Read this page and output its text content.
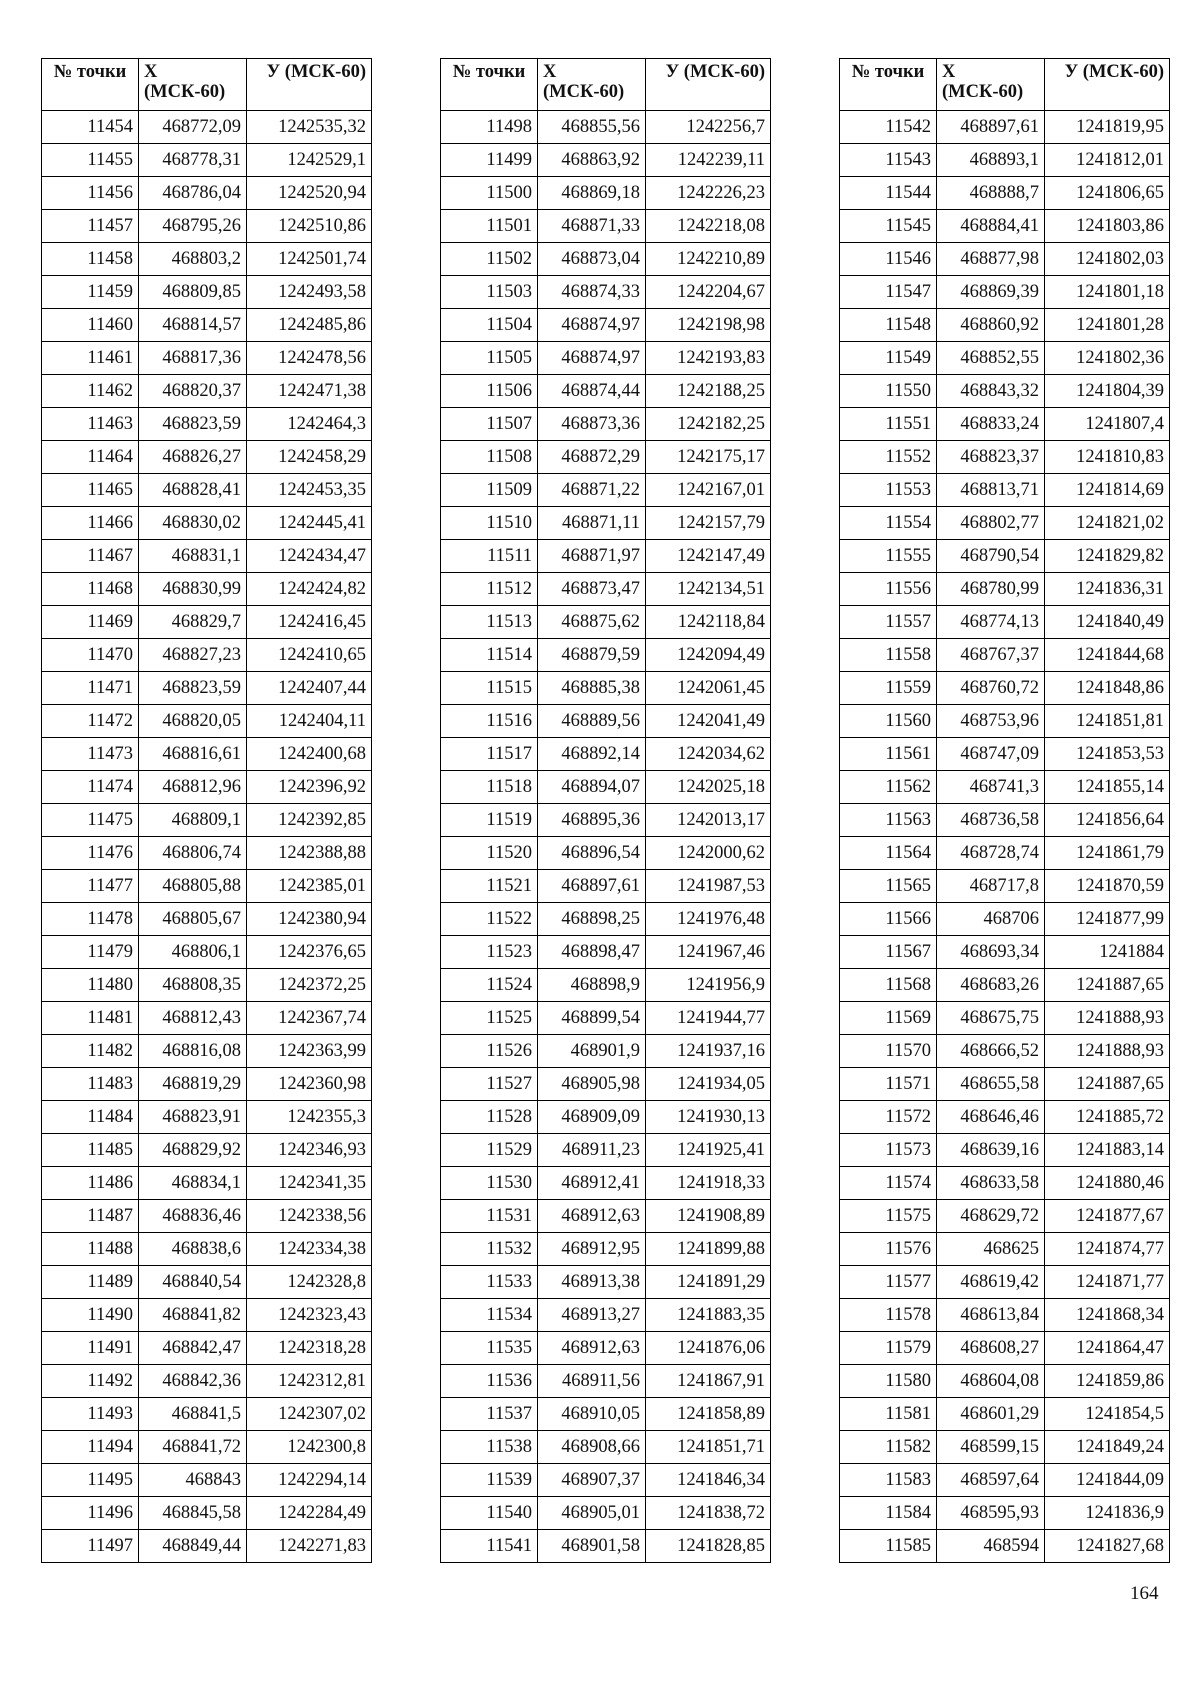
№ точки	X (МСК-60)	У (МСК-60)
11454	468772,09	1242535,32
11455	468778,31	1242529,1
11456	468786,04	1242520,94
11457	468795,26	1242510,86
11458	468803,2	1242501,74
11459	468809,85	1242493,58
11460	468814,57	1242485,86
11461	468817,36	1242478,56
11462	468820,37	1242471,38
11463	468823,59	1242464,3
11464	468826,27	1242458,29
11465	468828,41	1242453,35
11466	468830,02	1242445,41
11467	468831,1	1242434,47
11468	468830,99	1242424,82
11469	468829,7	1242416,45
11470	468827,23	1242410,65
11471	468823,59	1242407,44
11472	468820,05	1242404,11
11473	468816,61	1242400,68
11474	468812,96	1242396,92
11475	468809,1	1242392,85
11476	468806,74	1242388,88
11477	468805,88	1242385,01
11478	468805,67	1242380,94
11479	468806,1	1242376,65
11480	468808,35	1242372,25
11481	468812,43	1242367,74
11482	468816,08	1242363,99
11483	468819,29	1242360,98
11484	468823,91	1242355,3
11485	468829,92	1242346,93
11486	468834,1	1242341,35
11487	468836,46	1242338,56
11488	468838,6	1242334,38
11489	468840,54	1242328,8
11490	468841,82	1242323,43
11491	468842,47	1242318,28
11492	468842,36	1242312,81
11493	468841,5	1242307,02
11494	468841,72	1242300,8
11495	468843	1242294,14
11496	468845,58	1242284,49
11497	468849,44	1242271,83
№ точки	X (МСК-60)	У (МСК-60)
11498	468855,56	1242256,7
11499	468863,92	1242239,11
11500	468869,18	1242226,23
11501	468871,33	1242218,08
11502	468873,04	1242210,89
11503	468874,33	1242204,67
11504	468874,97	1242198,98
11505	468874,97	1242193,83
11506	468874,44	1242188,25
11507	468873,36	1242182,25
11508	468872,29	1242175,17
11509	468871,22	1242167,01
11510	468871,11	1242157,79
11511	468871,97	1242147,49
11512	468873,47	1242134,51
11513	468875,62	1242118,84
11514	468879,59	1242094,49
11515	468885,38	1242061,45
11516	468889,56	1242041,49
11517	468892,14	1242034,62
11518	468894,07	1242025,18
11519	468895,36	1242013,17
11520	468896,54	1242000,62
11521	468897,61	1241987,53
11522	468898,25	1241976,48
11523	468898,47	1241967,46
11524	468898,9	1241956,9
11525	468899,54	1241944,77
11526	468901,9	1241937,16
11527	468905,98	1241934,05
11528	468909,09	1241930,13
11529	468911,23	1241925,41
11530	468912,41	1241918,33
11531	468912,63	1241908,89
11532	468912,95	1241899,88
11533	468913,38	1241891,29
11534	468913,27	1241883,35
11535	468912,63	1241876,06
11536	468911,56	1241867,91
11537	468910,05	1241858,89
11538	468908,66	1241851,71
11539	468907,37	1241846,34
11540	468905,01	1241838,72
11541	468901,58	1241828,85
№ точки	X (МСК-60)	У (МСК-60)
11542	468897,61	1241819,95
11543	468893,1	1241812,01
11544	468888,7	1241806,65
11545	468884,41	1241803,86
11546	468877,98	1241802,03
11547	468869,39	1241801,18
11548	468860,92	1241801,28
11549	468852,55	1241802,36
11550	468843,32	1241804,39
11551	468833,24	1241807,4
11552	468823,37	1241810,83
11553	468813,71	1241814,69
11554	468802,77	1241821,02
11555	468790,54	1241829,82
11556	468780,99	1241836,31
11557	468774,13	1241840,49
11558	468767,37	1241844,68
11559	468760,72	1241848,86
11560	468753,96	1241851,81
11561	468747,09	1241853,53
11562	468741,3	1241855,14
11563	468736,58	1241856,64
11564	468728,74	1241861,79
11565	468717,8	1241870,59
11566	468706	1241877,99
11567	468693,34	1241884
11568	468683,26	1241887,65
11569	468675,75	1241888,93
11570	468666,52	1241888,93
11571	468655,58	1241887,65
11572	468646,46	1241885,72
11573	468639,16	1241883,14
11574	468633,58	1241880,46
11575	468629,72	1241877,67
11576	468625	1241874,77
11577	468619,42	1241871,77
11578	468613,84	1241868,34
11579	468608,27	1241864,47
11580	468604,08	1241859,86
11581	468601,29	1241854,5
11582	468599,15	1241849,24
11583	468597,64	1241844,09
11584	468595,93	1241836,9
11585	468594	1241827,68
164
